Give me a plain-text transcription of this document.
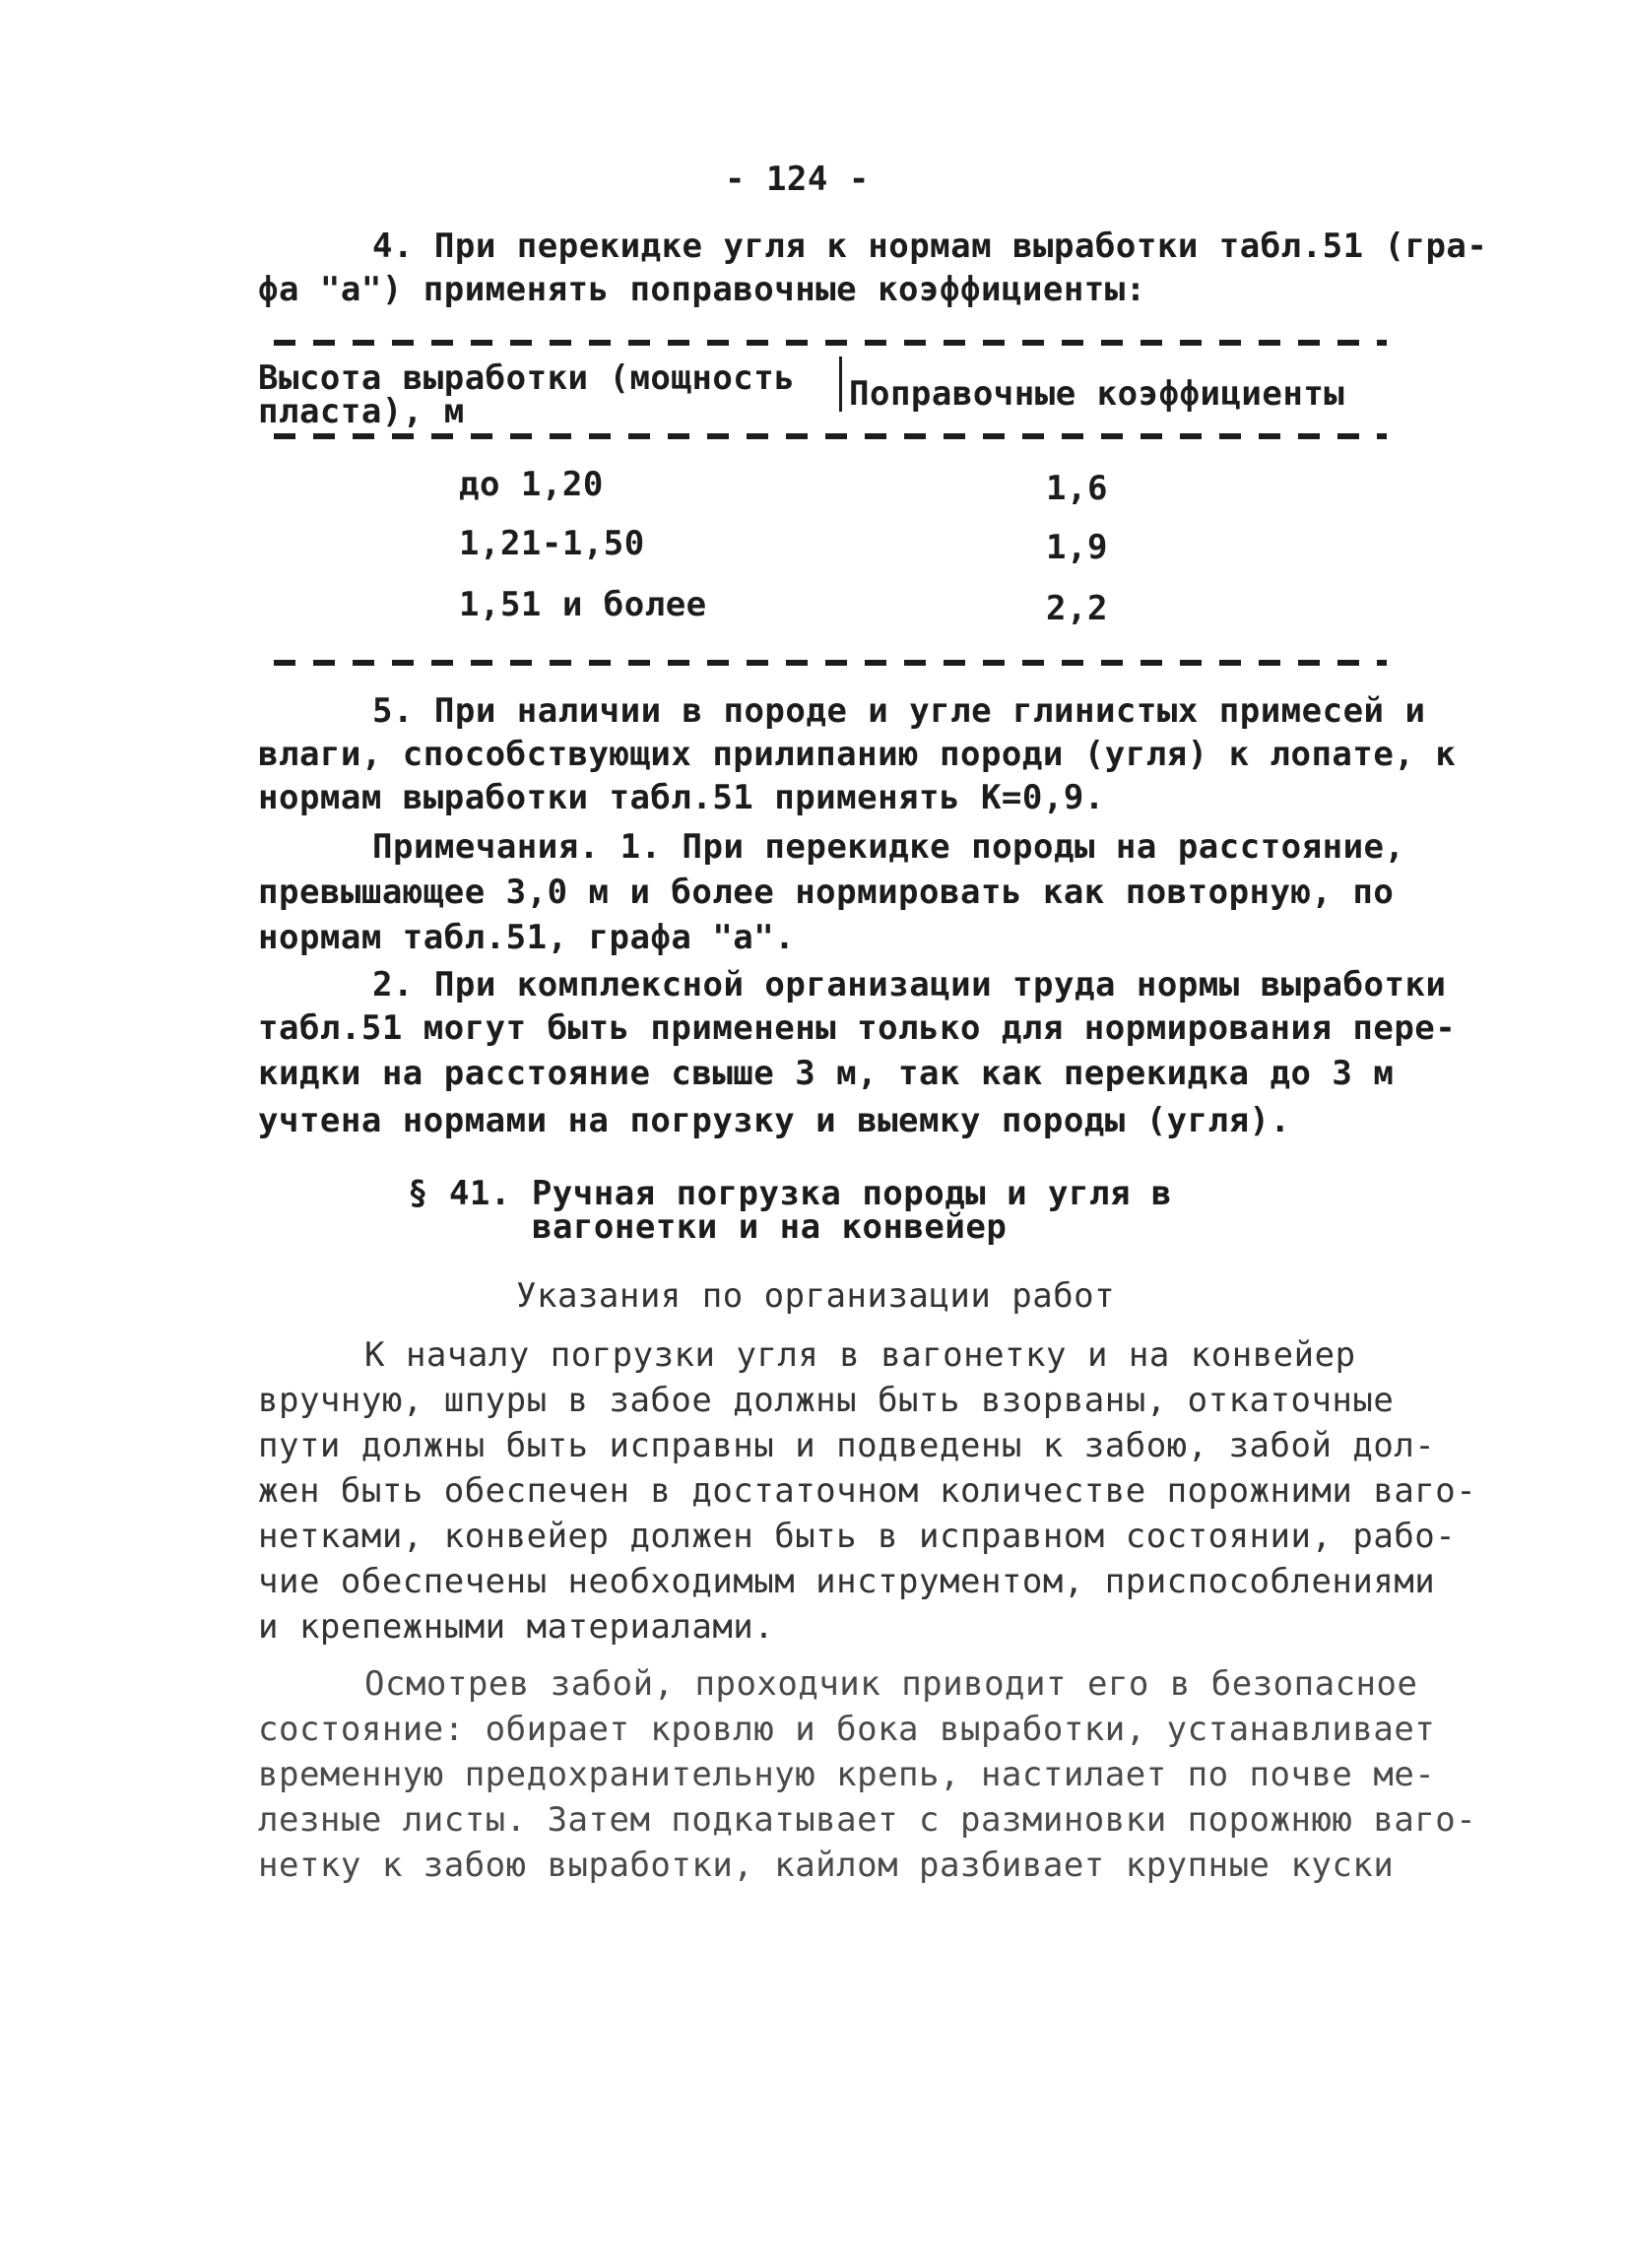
- 124 -
4. При перекидке угля к нормам выработки табл.51 (гра-
фа "а") применять поправочные коэффициенты:
Высота выработки (мощность
пласта), м	Поправочные коэффициенты
до 1,20	1,6
1,21-1,50	1,9
1,51 и более	2,2
5. При наличии в породе и угле глинистых примесей и
влаги, способствующих прилипанию породи (угля) к лопате, к
нормам выработки табл.51 применять К=0,9.
Примечания. 1. При перекидке породы на расстояние,
превышающее 3,0 м и более нормировать как повторную, по
нормам табл.51, графа "а".
2. При комплексной организации труда нормы выработки
табл.51 могут быть применены только для нормирования пере-
кидки на расстояние свыше 3 м, так как перекидка до 3 м
учтена нормами на погрузку и выемку породы (угля).
§ 41. Ручная погрузка породы и угля в
вагонетки и на конвейер
Указания по организации работ
К началу погрузки угля в вагонетку и на конвейер
вручную, шпуры в забое должны быть взорваны, откаточные
пути должны быть исправны и подведены к забою, забой дол-
жен быть обеспечен в достаточном количестве порожними ваго-
нетками, конвейер должен быть в исправном состоянии, рабо-
чие обеспечены необходимым инструментом, приспособлениями
и крепежными материалами.
Осмотрев забой, проходчик приводит его в безопасное
состояние: обирает кровлю и бока выработки, устанавливает
временную предохранительную крепь, настилает по почве ме-
лезные листы. Затем подкатывает с разминовки порожнюю ваго-
нетку к забою выработки, кайлом разбивает крупные куски
